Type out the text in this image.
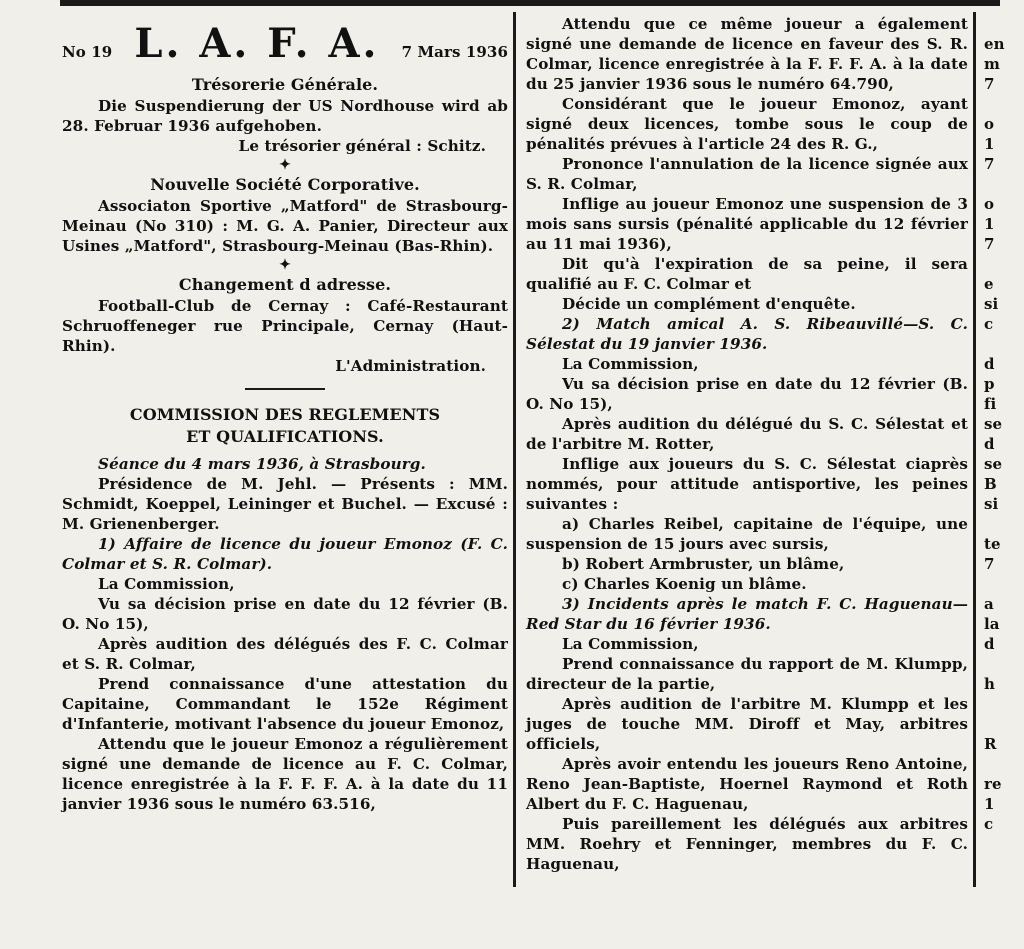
No 19 L. A. F. A. 7 Mars 1936

Trésorerie Générale.

Die Suspendierung der US Nordhouse wird ab 28. Februar 1936 aufgehoben.

Le trésorier général : Schitz.

✦

Nouvelle Société Corporative.

Associaton Sportive „Matford" de Strasbourg-Meinau (No 310) : M. G. A. Panier, Directeur aux Usines „Matford", Strasbourg-Meinau (Bas-Rhin).

✦

Changement d adresse.

Football-Club de Cernay : Café-Restaurant Schruoffeneger rue Principale, Cernay (Haut-Rhin).

L'Administration.

COMMISSION DES REGLEMENTS

ET QUALIFICATIONS.

Séance du 4 mars 1936, à Strasbourg.

Présidence de M. Jehl. — Présents : MM. Schmidt, Koeppel, Leininger et Buchel. — Excusé : M. Grienenberger.

1) Affaire de licence du joueur Emonoz (F. C. Colmar et S. R. Colmar).

La Commission,

Vu sa décision prise en date du 12 février (B. O. No 15),

Après audition des délégués des F. C. Colmar et S. R. Colmar,

Prend connaissance d'une attestation du Capitaine, Commandant le 152e Régiment d'Infanterie, motivant l'absence du joueur Emonoz,

Attendu que le joueur Emonoz a régulièrement signé une demande de licence au F. C. Colmar, licence enregistrée à la F. F. F. A. à la date du 11 janvier 1936 sous le numéro 63.516,

Attendu que ce même joueur a également signé une demande de licence en faveur des S. R. Colmar, licence enregistrée à la F. F. F. A. à la date du 25 janvier 1936 sous le numéro 64.790,

Considérant que le joueur Emonoz, ayant signé deux licences, tombe sous le coup de pénalités prévues à l'article 24 des R. G.,

Prononce l'annulation de la licence signée aux S. R. Colmar,

Inflige au joueur Emonoz une suspension de 3 mois sans sursis (pénalité applicable du 12 février au 11 mai 1936),

Dit qu'à l'expiration de sa peine, il sera qualifié au F. C. Colmar et

Décide un complément d'enquête.

2) Match amical A. S. Ribeauvillé—S. C. Sélestat du 19 janvier 1936.

La Commission,

Vu sa décision prise en date du 12 février (B. O. No 15),

Après audition du délégué du S. C. Sélestat et de l'arbitre M. Rotter,

Inflige aux joueurs du S. C. Sélestat ciaprès nommés, pour attitude antisportive, les peines suivantes :

a) Charles Reibel, capitaine de l'équipe, une suspension de 15 jours avec sursis,

b) Robert Armbruster, un blâme,

c) Charles Koenig un blâme.

3) Incidents après le match F. C. Haguenau—Red Star du 16 février 1936.

La Commission,

Prend connaissance du rapport de M. Klumpp, directeur de la partie,

Après audition de l'arbitre M. Klumpp et les juges de touche MM. Diroff et May, arbitres officiels,

Après avoir entendu les joueurs Reno Antoine, Reno Jean-Baptiste, Hoernel Raymond et Roth Albert du F. C. Haguenau,

Puis pareillement les délégués aux arbitres MM. Roehry et Fenninger, membres du F. C. Haguenau,

en
m
7

o
1
7

o
1
7

e
si
c

d
p
fi
se
d
se
B
si

te
7

a
la
d

h

R

re
1
c
